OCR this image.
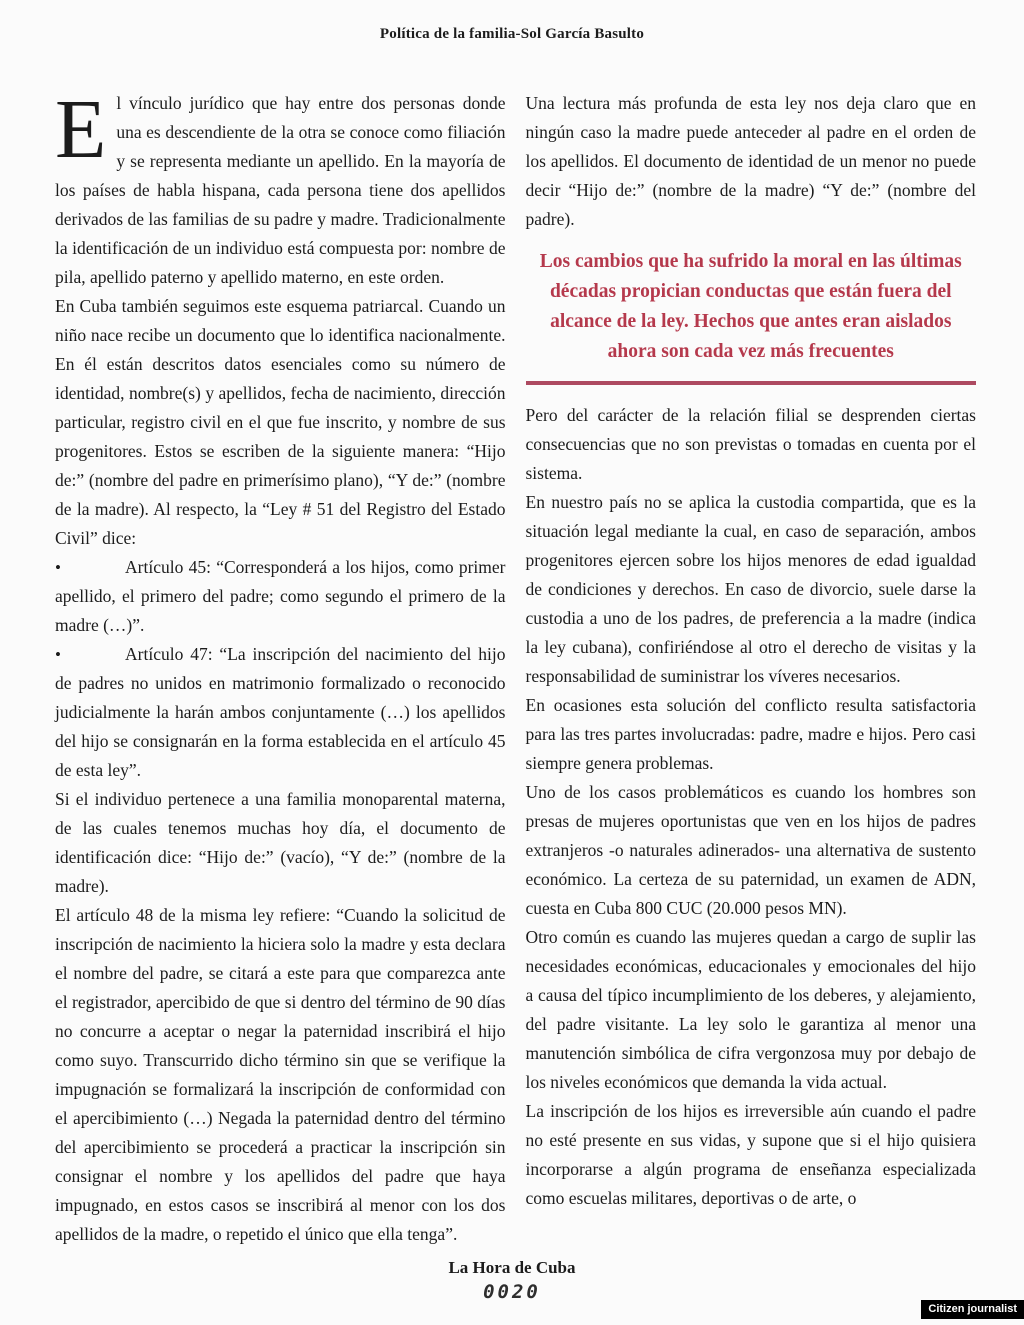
Política de la familia-Sol García Basulto

El vínculo jurídico que hay entre dos personas donde una es descendiente de la otra se conoce como filiación y se representa mediante un apellido. En la mayoría de los países de habla hispana, cada persona tiene dos apellidos derivados de las familias de su padre y madre. Tradicionalmente la identificación de un individuo está compuesta por: nombre de pila, apellido paterno y apellido materno, en este orden.

En Cuba también seguimos este esquema patriarcal. Cuando un niño nace recibe un documento que lo identifica nacionalmente. En él están descritos datos esenciales como su número de identidad, nombre(s) y apellidos, fecha de nacimiento, dirección particular, registro civil en el que fue inscrito, y nombre de sus progenitores. Estos se escriben de la siguiente manera: “Hijo de:” (nombre del padre en primerísimo plano), “Y de:” (nombre de la madre). Al respecto, la “Ley # 51 del Registro del Estado Civil” dice:

•Artículo 45: “Corresponderá a los hijos, como primer apellido, el primero del padre; como segundo el primero de la madre (…)”.

•Artículo 47: “La inscripción del nacimiento del hijo de padres no unidos en matrimonio formalizado o reconocido judicialmente la harán ambos conjuntamente (…) los apellidos del hijo se consignarán en la forma establecida en el artículo 45 de esta ley”.

Si el individuo pertenece a una familia monoparental materna, de las cuales tenemos muchas hoy día, el documento de identificación dice: “Hijo de:” (vacío), “Y de:” (nombre de la madre).

El artículo 48 de la misma ley refiere: “Cuando la solicitud de inscripción de nacimiento la hiciera solo la madre y esta declara el nombre del padre, se citará a este para que comparezca ante el registrador, apercibido de que si dentro del término de 90 días no concurre a aceptar o negar la paternidad inscribirá el hijo como suyo. Transcurrido dicho término sin que se verifique la impugnación se formalizará la inscripción de conformidad con el apercibimiento (…) Negada la paternidad dentro del término del apercibimiento se procederá a practicar la inscripción sin consignar el nombre y los apellidos del padre que haya impugnado, en estos casos se inscribirá al menor con los dos apellidos de la madre, o repetido el único que ella tenga”.

Una lectura más profunda de esta ley nos deja claro que en ningún caso la madre puede anteceder al padre en el orden de los apellidos. El documento de identidad de un menor no puede decir “Hijo de:” (nombre de la madre) “Y de:” (nombre del padre).

Los cambios que ha sufrido la moral en las últimas décadas propician conductas que están fuera del alcance de la ley. Hechos que antes eran aislados ahora son cada vez más frecuentes

Pero del carácter de la relación filial se desprenden ciertas consecuencias que no son previstas o tomadas en cuenta por el sistema.

En nuestro país no se aplica la custodia compartida, que es la situación legal mediante la cual, en caso de separación, ambos progenitores ejercen sobre los hijos menores de edad igualdad de condiciones y derechos. En caso de divorcio, suele darse la custodia a uno de los padres, de preferencia a la madre (indica la ley cubana), confiriéndose al otro el derecho de visitas y la responsabilidad de suministrar los víveres necesarios.

En ocasiones esta solución del conflicto resulta satisfactoria para las tres partes involucradas: padre, madre e hijos. Pero casi siempre genera problemas.

Uno de los casos problemáticos es cuando los hombres son presas de mujeres oportunistas que ven en los hijos de padres extranjeros -o naturales adinerados- una alternativa de sustento económico. La certeza de su paternidad, un examen de ADN, cuesta en Cuba 800 CUC (20.000 pesos MN).

Otro común es cuando las mujeres quedan a cargo de suplir las necesidades económicas, educacionales y emocionales del hijo a causa del típico incumplimiento de los deberes, y alejamiento, del padre visitante. La ley solo le garantiza al menor una manutención simbólica de cifra vergonzosa muy por debajo de los niveles económicos que demanda la vida actual.

La inscripción de los hijos es irreversible aún cuando el padre no esté presente en sus vidas, y supone que si el hijo quisiera incorporarse a algún programa de enseñanza especializada como escuelas militares, deportivas o de arte, o

La Hora de Cuba
0020
Citizen journalist
